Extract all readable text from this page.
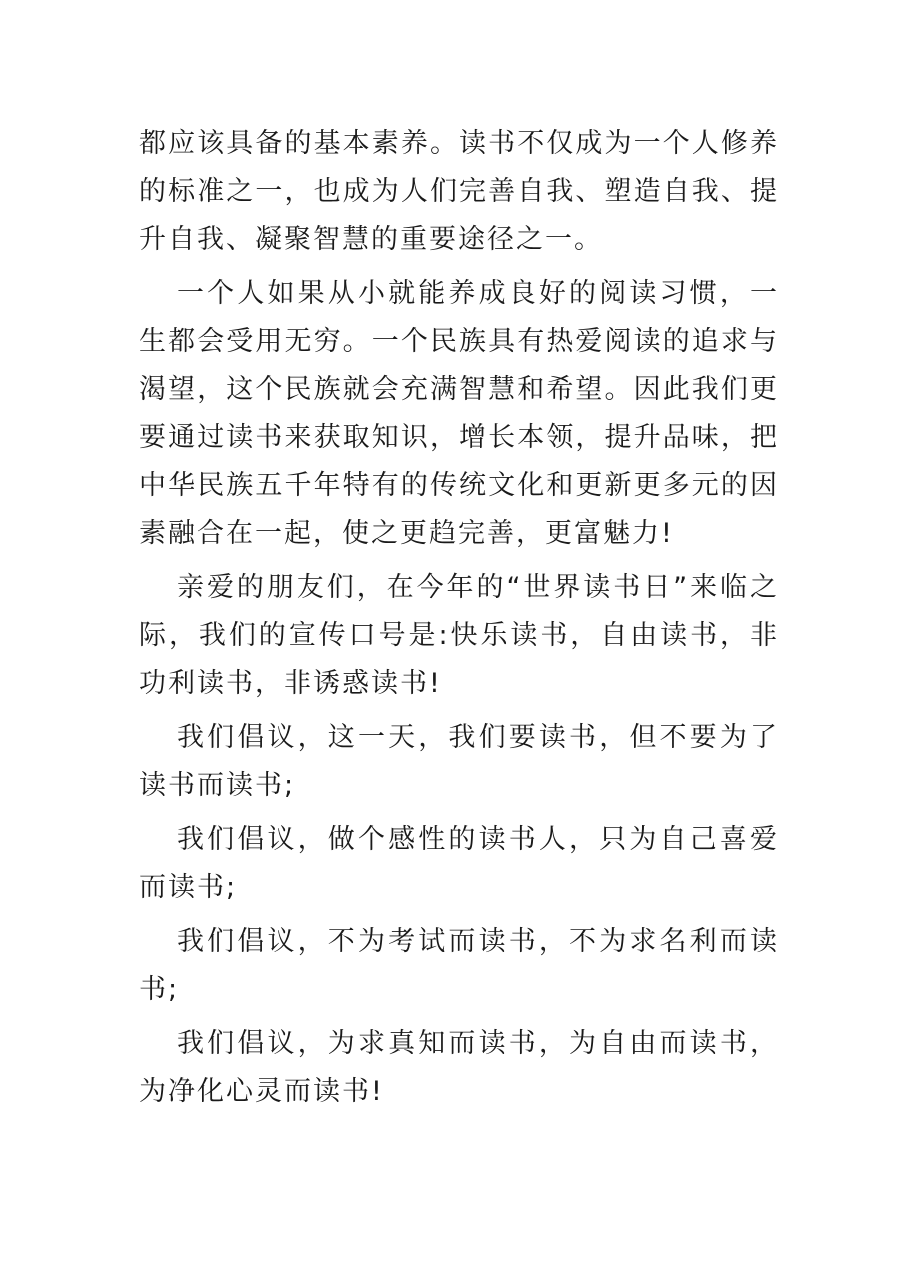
都应该具备的基本素养。读书不仅成为一个人修养的标准之一，也成为人们完善自我、塑造自我、提升自我、凝聚智慧的重要途径之一。

一个人如果从小就能养成良好的阅读习惯，一生都会受用无穷。一个民族具有热爱阅读的追求与渴望，这个民族就会充满智慧和希望。因此我们更要通过读书来获取知识，增长本领，提升品味，把中华民族五千年特有的传统文化和更新更多元的因素融合在一起，使之更趋完善，更富魅力!

亲爱的朋友们，在今年的“世界读书日”来临之际，我们的宣传口号是:快乐读书，自由读书，非功利读书，非诱惑读书!

我们倡议，这一天，我们要读书，但不要为了读书而读书;

我们倡议，做个感性的读书人，只为自己喜爱而读书;

我们倡议，不为考试而读书，不为求名利而读书;

我们倡议，为求真知而读书，为自由而读书，为净化心灵而读书!
